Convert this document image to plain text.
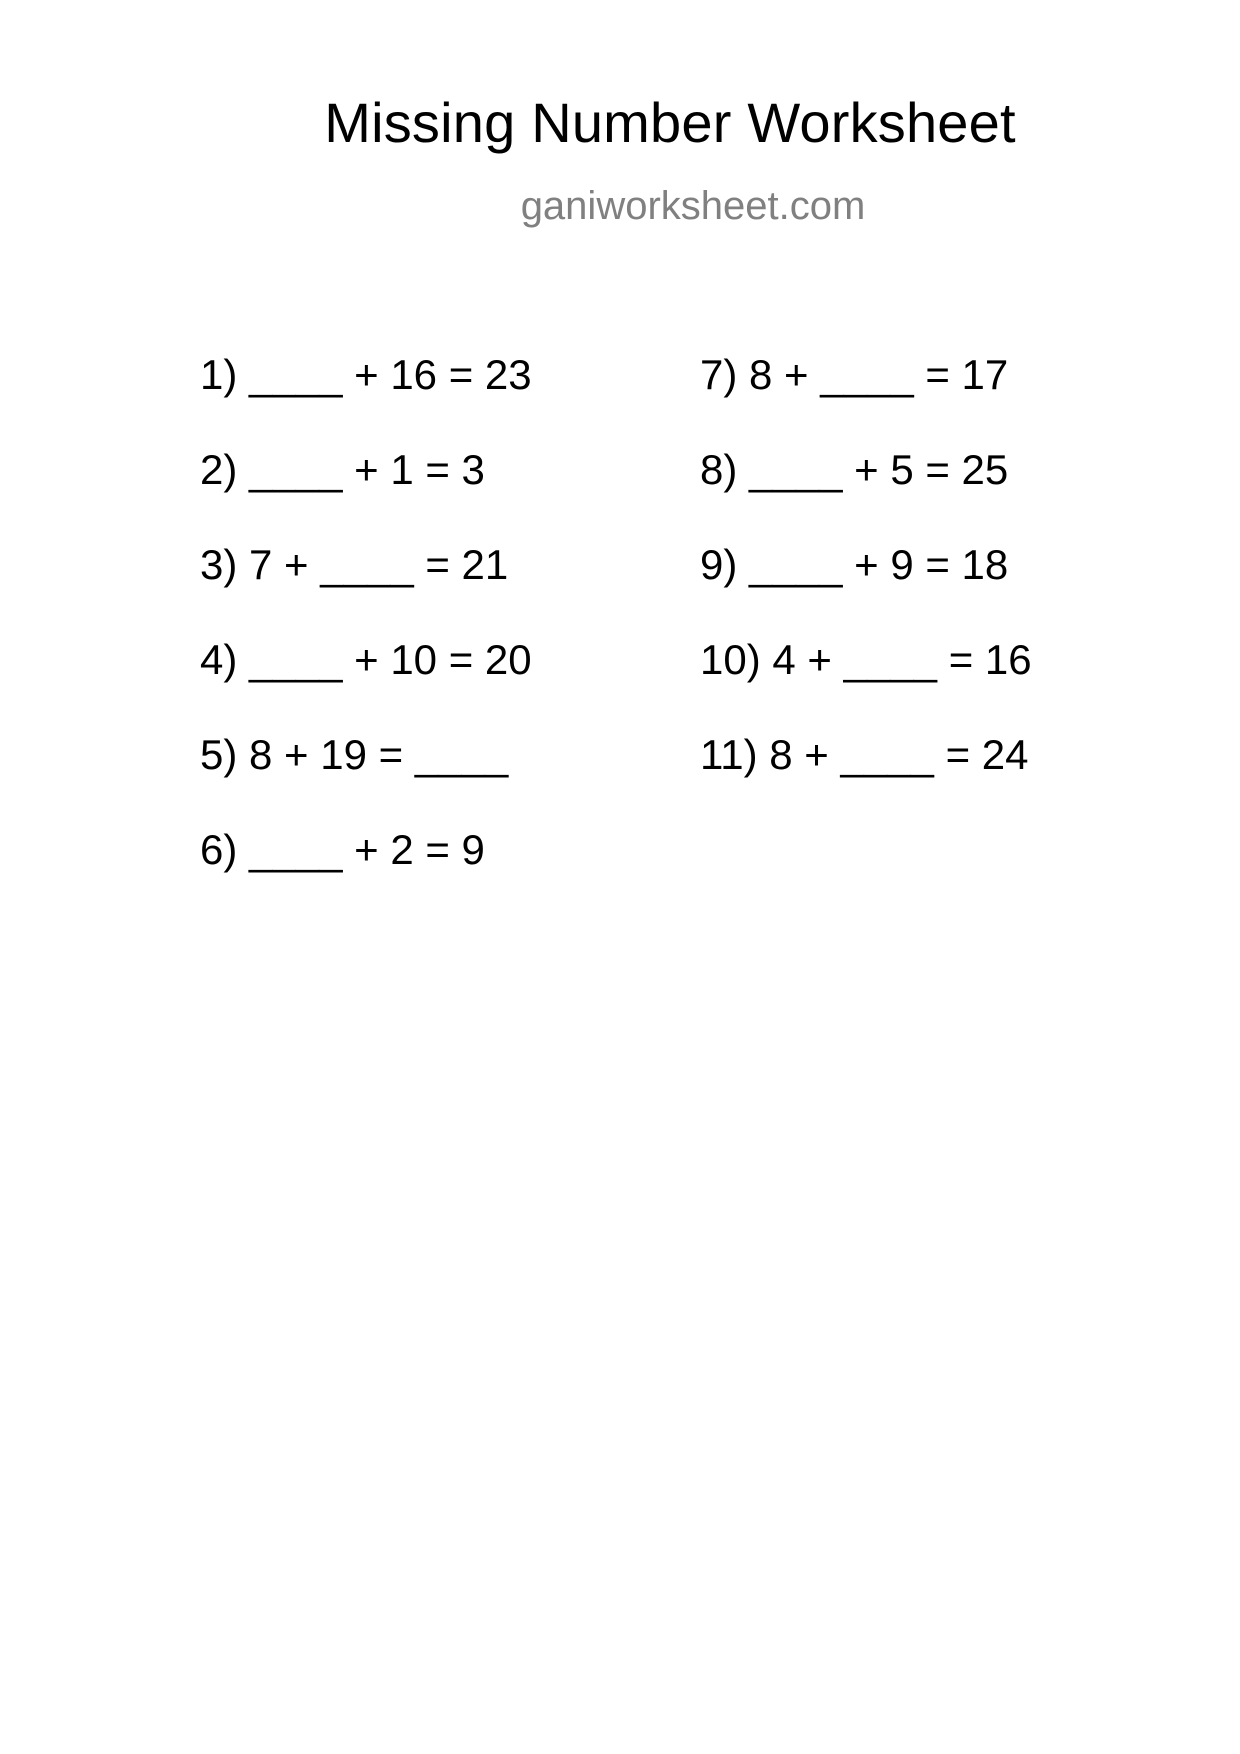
Missing Number Worksheet

ganiworksheet.com

1) ____ + 16 = 23
2) ____ + 1 = 3
3) 7 + ____ = 21
4) ____ + 10 = 20
5) 8 + 19 = ____
6) ____ + 2 = 9
7) 8 + ____ = 17
8) ____ + 5 = 25
9) ____ + 9 = 18
10) 4 + ____ = 16
11) 8 + ____ = 24
